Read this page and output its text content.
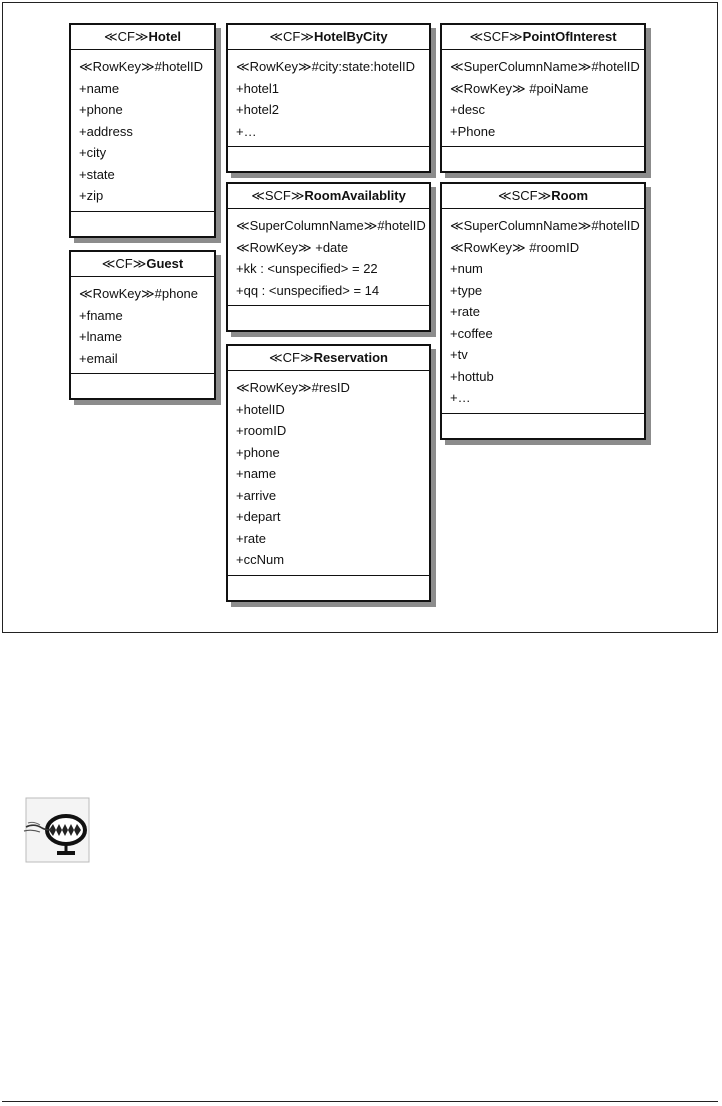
≪CF≫Hotel
≪RowKey≫#hotelID
+name
+phone
+address
+city
+state
+zip
≪CF≫Guest
≪RowKey≫#phone
+fname
+lname
+email
≪CF≫HotelByCity
≪RowKey≫#city:state:hotelID
+hotel1
+hotel2
+…
≪SCF≫RoomAvailablity
≪SuperColumnName≫#hotelID
≪RowKey≫ +date
+kk : <unspecified> = 22
+qq : <unspecified> = 14
≪CF≫Reservation
≪RowKey≫#resID
+hotelID
+roomID
+phone
+name
+arrive
+depart
+rate
+ccNum
≪SCF≫PointOfInterest
≪SuperColumnName≫#hotelID
≪RowKey≫ #poiName
+desc
+Phone
≪SCF≫Room
≪SuperColumnName≫#hotelID
≪RowKey≫ #roomID
+num
+type
+rate
+coffee
+tv
+hottub
+…
